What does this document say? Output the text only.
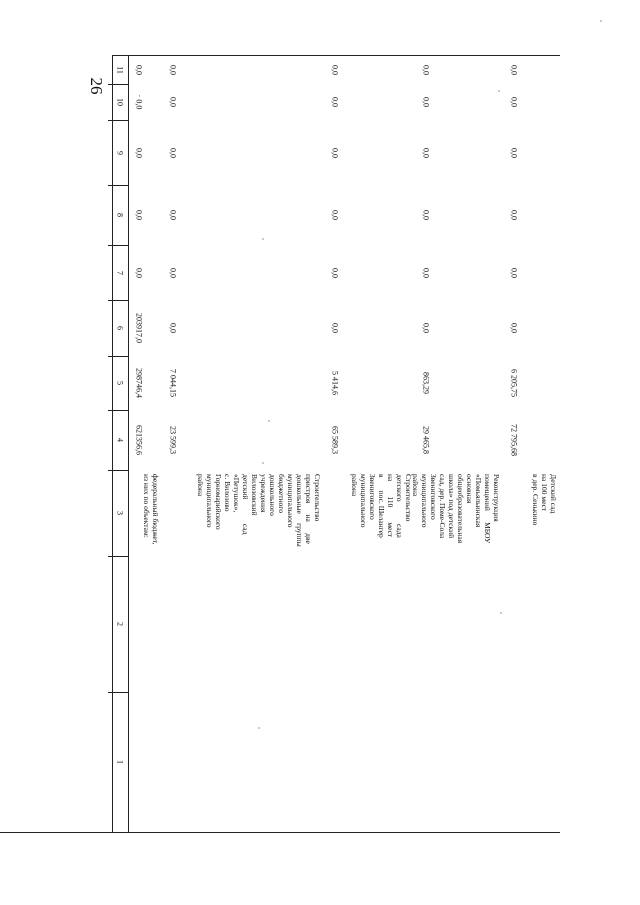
26
1
2
3
4
5
6
7
8
9
10
11
федеральный бюджет,
из них по объектам:
621356,6
298746,4
203917,0
0,0
0,0
0,0
· 0,0
0,0
Строительство
пристроя      на      две
дошкольные     группы
муниципального
бюджетного
дошкольного
учреждения
Вилозовский
детский             сад
«Петушок»,
с. Вилозово
Горномарийского
муниципального
района
23 599,3
7 044,15
0,0
0,0
0,0
0,0
0,0
0,0
Строительство
детского            сада
на        110        мест
в       пос. Шелангер
Звениговского
муниципального
района
65 589,3
5 414,6
0,0
0,0
0,0
0,0
0,0
0,0
Реконструкция
помещений      МБОУ
«Помьяльинская
основная
общеобразовательная
школа» под детский
сад, дер. Поме-Сола
Звениговского
муниципального
района
29 465,8
863,29
0,0
0,0
0,0
0,0
0,0
0,0
Детский сад
на 100 мест
в дер. Сенькино
72 795,68
6 205,75
0,0
0,0
0,0
0,0
0,0
0,0
